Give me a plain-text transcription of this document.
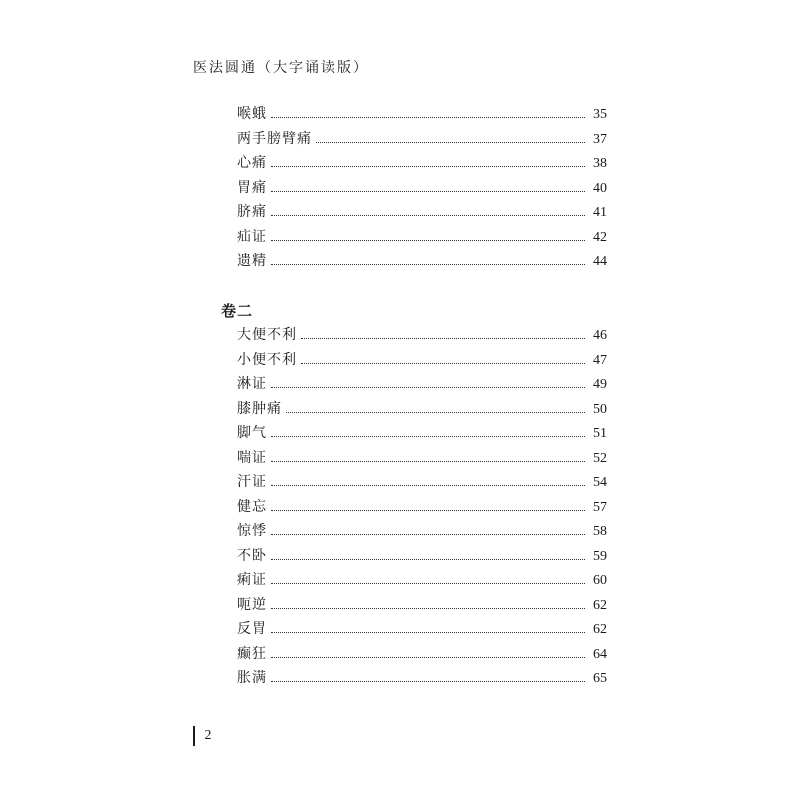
医法圆通（大字诵读版）
喉蛾	35
两手膀臂痛	37
心痛	38
胃痛	40
脐痛	41
疝证	42
遗精	44
卷二
大便不利	46
小便不利	47
淋证	49
膝肿痛	50
脚气	51
喘证	52
汗证	54
健忘	57
惊悸	58
不卧	59
痢证	60
呃逆	62
反胃	62
癫狂	64
胀满	65
2
